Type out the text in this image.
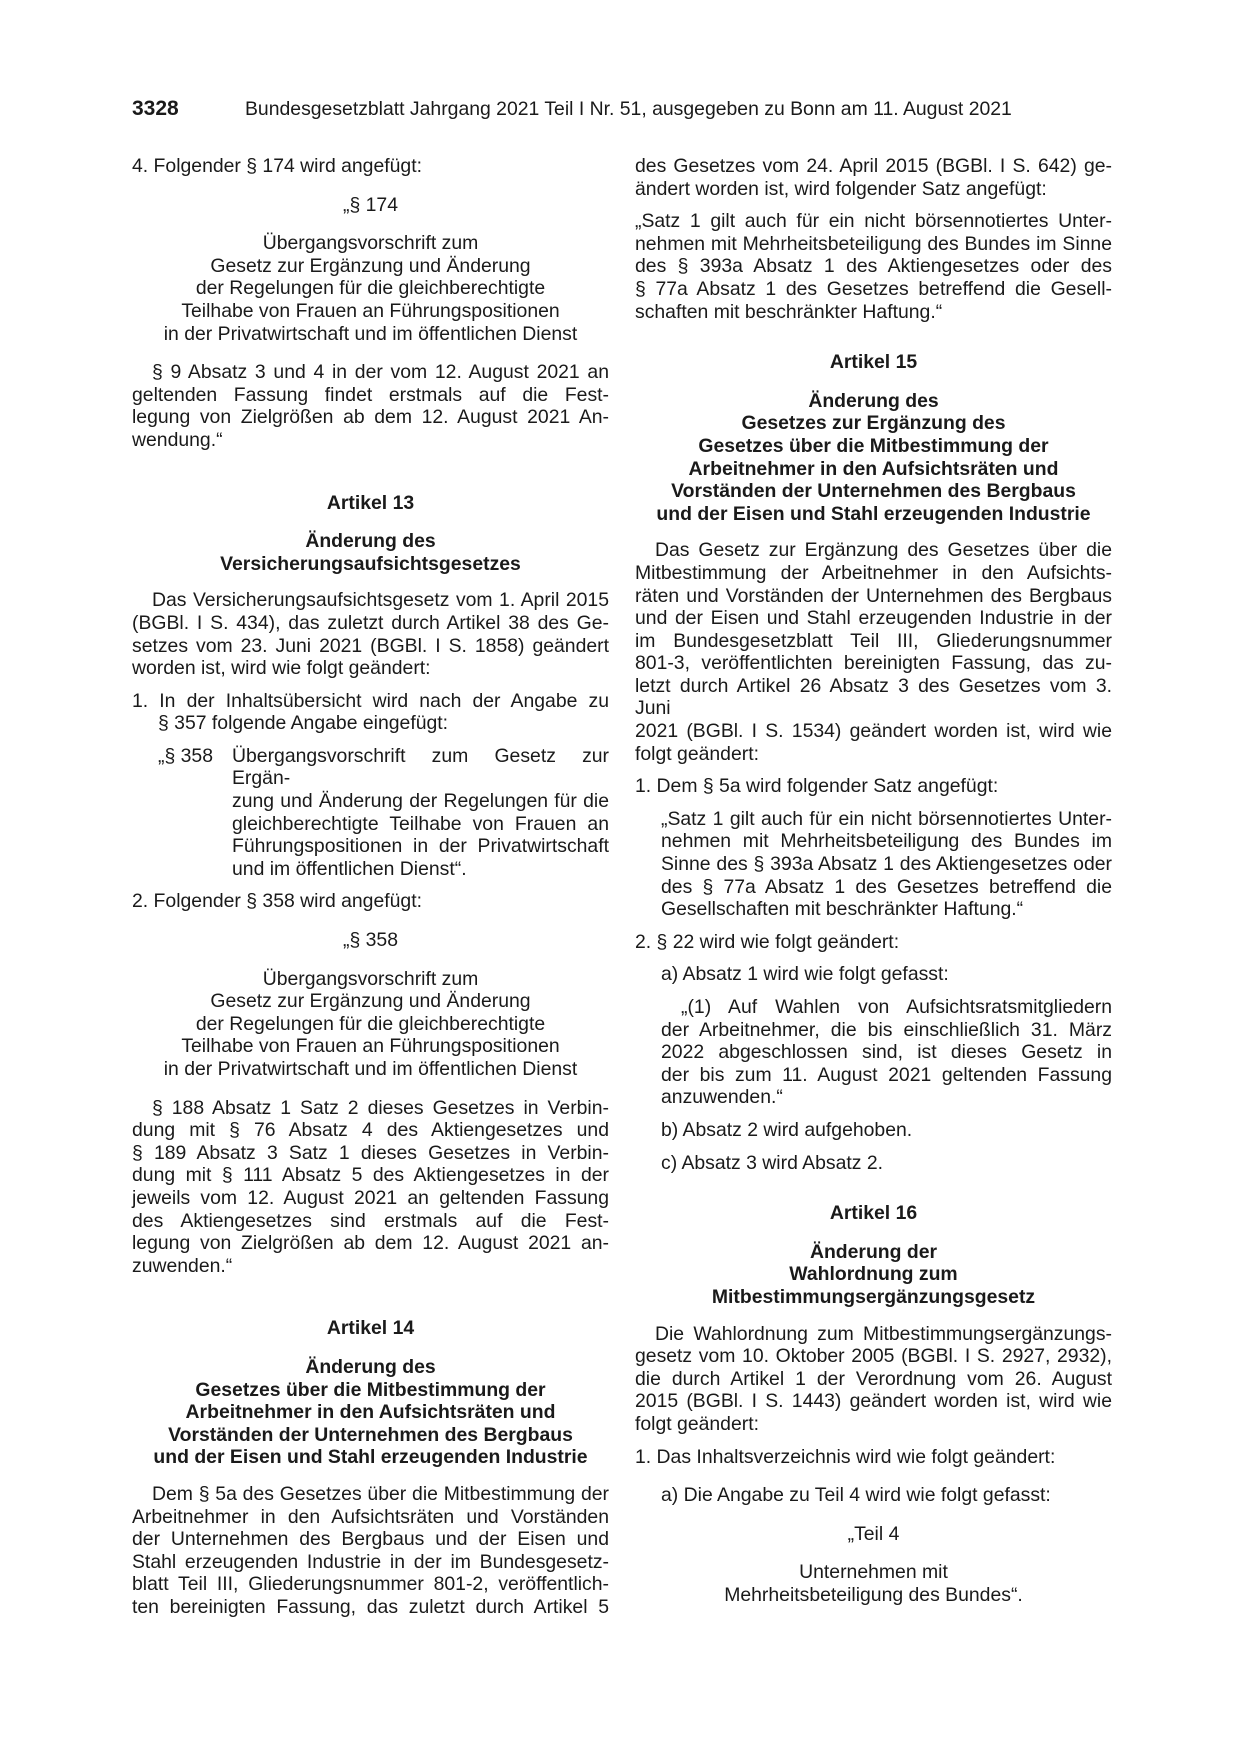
3328	Bundesgesetzblatt Jahrgang 2021 Teil I Nr. 51, ausgegeben zu Bonn am 11. August 2021

4. Folgender § 174 wird angefügt:

„§ 174

Übergangsvorschrift zum

Gesetz zur Ergänzung und Änderung

der Regelungen für die gleichberechtigte

Teilhabe von Frauen an Führungspositionen

in der Privatwirtschaft und im öffentlichen Dienst

§ 9 Absatz 3 und 4 in der vom 12. August 2021 an

geltenden Fassung findet erstmals auf die Fest-

legung von Zielgrößen ab dem 12. August 2021 An-

wendung.“

Artikel 13

Änderung des

Versicherungsaufsichtsgesetzes

Das Versicherungsaufsichtsgesetz vom 1. April 2015

(BGBl. I S. 434), das zuletzt durch Artikel 38 des Ge-

setzes vom 23. Juni 2021 (BGBl. I S. 1858) geändert

worden ist, wird wie folgt geändert:

1. In der Inhaltsübersicht wird nach der Angabe zu

§ 357 folgende Angabe eingefügt:

„§ 358 Übergangsvorschrift zum Gesetz zur Ergän-

zung und Änderung der Regelungen für die

gleichberechtigte Teilhabe von Frauen an

Führungspositionen in der Privatwirtschaft

und im öffentlichen Dienst“.

2. Folgender § 358 wird angefügt:

„§ 358

Übergangsvorschrift zum

Gesetz zur Ergänzung und Änderung

der Regelungen für die gleichberechtigte

Teilhabe von Frauen an Führungspositionen

in der Privatwirtschaft und im öffentlichen Dienst

§ 188 Absatz 1 Satz 2 dieses Gesetzes in Verbin-

dung mit § 76 Absatz 4 des Aktiengesetzes und

§ 189 Absatz 3 Satz 1 dieses Gesetzes in Verbin-

dung mit § 111 Absatz 5 des Aktiengesetzes in der

jeweils vom 12. August 2021 an geltenden Fassung

des Aktiengesetzes sind erstmals auf die Fest-

legung von Zielgrößen ab dem 12. August 2021 an-

zuwenden.“

Artikel 14

Änderung des

Gesetzes über die Mitbestimmung der

Arbeitnehmer in den Aufsichtsräten und

Vorständen der Unternehmen des Bergbaus

und der Eisen und Stahl erzeugenden Industrie

Dem § 5a des Gesetzes über die Mitbestimmung der

Arbeitnehmer in den Aufsichtsräten und Vorständen

der Unternehmen des Bergbaus und der Eisen und

Stahl erzeugenden Industrie in der im Bundesgesetz-

blatt Teil III, Gliederungsnummer 801-2, veröffentlich-

ten bereinigten Fassung, das zuletzt durch Artikel 5

des Gesetzes vom 24. April 2015 (BGBl. I S. 642) ge-

ändert worden ist, wird folgender Satz angefügt:

„Satz 1 gilt auch für ein nicht börsennotiertes Unter-

nehmen mit Mehrheitsbeteiligung des Bundes im Sinne

des § 393a Absatz 1 des Aktiengesetzes oder des

§ 77a Absatz 1 des Gesetzes betreffend die Gesell-

schaften mit beschränkter Haftung.“

Artikel 15

Änderung des

Gesetzes zur Ergänzung des

Gesetzes über die Mitbestimmung der

Arbeitnehmer in den Aufsichtsräten und

Vorständen der Unternehmen des Bergbaus

und der Eisen und Stahl erzeugenden Industrie

Das Gesetz zur Ergänzung des Gesetzes über die

Mitbestimmung der Arbeitnehmer in den Aufsichts-

räten und Vorständen der Unternehmen des Bergbaus

und der Eisen und Stahl erzeugenden Industrie in der

im Bundesgesetzblatt Teil III, Gliederungsnummer

801-3, veröffentlichten bereinigten Fassung, das zu-

letzt durch Artikel 26 Absatz 3 des Gesetzes vom 3. Juni

2021 (BGBl. I S. 1534) geändert worden ist, wird wie

folgt geändert:

1. Dem § 5a wird folgender Satz angefügt:

„Satz 1 gilt auch für ein nicht börsennotiertes Unter-

nehmen mit Mehrheitsbeteiligung des Bundes im

Sinne des § 393a Absatz 1 des Aktiengesetzes oder

des § 77a Absatz 1 des Gesetzes betreffend die

Gesellschaften mit beschränkter Haftung.“

2. § 22 wird wie folgt geändert:

a) Absatz 1 wird wie folgt gefasst:

„(1) Auf Wahlen von Aufsichtsratsmitgliedern

der Arbeitnehmer, die bis einschließlich 31. März

2022 abgeschlossen sind, ist dieses Gesetz in

der bis zum 11. August 2021 geltenden Fassung

anzuwenden.“

b) Absatz 2 wird aufgehoben.

c) Absatz 3 wird Absatz 2.

Artikel 16

Änderung der

Wahlordnung zum

Mitbestimmungsergänzungsgesetz

Die Wahlordnung zum Mitbestimmungsergänzungs-

gesetz vom 10. Oktober 2005 (BGBl. I S. 2927, 2932),

die durch Artikel 1 der Verordnung vom 26. August

2015 (BGBl. I S. 1443) geändert worden ist, wird wie

folgt geändert:

1. Das Inhaltsverzeichnis wird wie folgt geändert:

a) Die Angabe zu Teil 4 wird wie folgt gefasst:

„Teil 4

Unternehmen mit

Mehrheitsbeteiligung des Bundes“.
